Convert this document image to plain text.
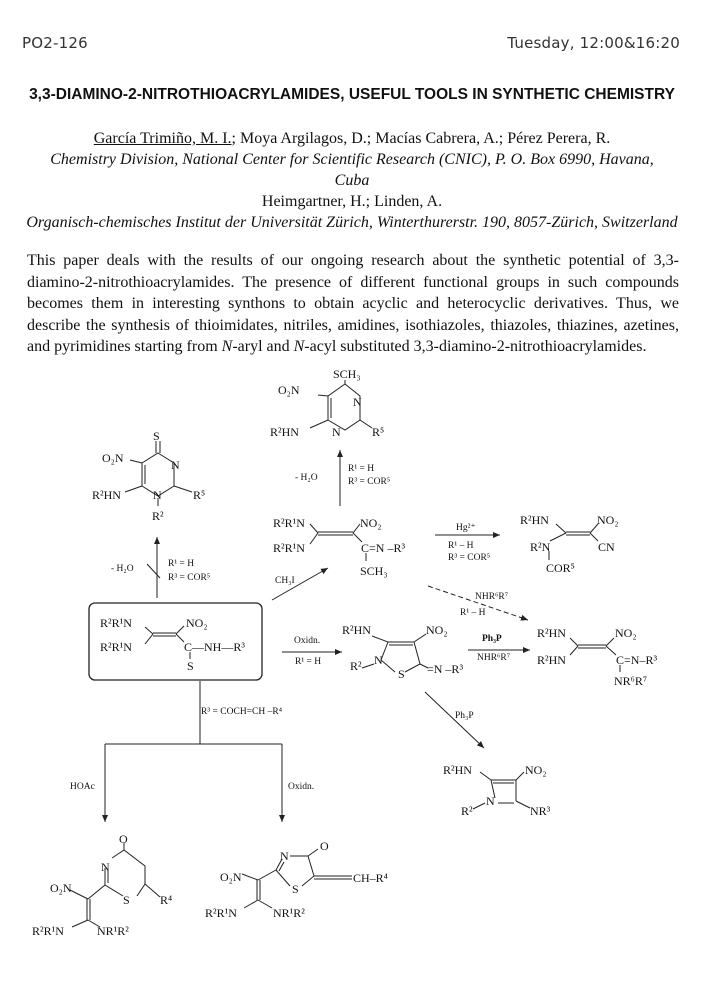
PO2-126	Tuesday, 12:00&16:20
3,3-DIAMINO-2-NITROTHIOACRYLAMIDES, USEFUL TOOLS IN SYNTHETIC CHEMISTRY
García Trimiño, M. I.; Moya Argilagos, D.; Macías Cabrera, A.; Pérez Perera, R.
Chemistry Division, National Center for Scientific Research (CNIC), P. O. Box 6990, Havana, Cuba
Heimgartner, H.; Linden, A.
Organisch-chemisches Institut der Universität Zürich, Winterthurerstr. 190, 8057-Zürich, Switzerland
This paper deals with the results of our ongoing research about the synthetic potential of 3,3-diamino-2-nitrothioacrylamides. The presence of different functional groups in such compounds becomes them in interesting synthons to obtain acyclic and heterocyclic derivatives. Thus, we describe the synthesis of thioimidates, nitriles, amidines, isothiazoles, thiazoles, thiazines, azetines, and pyrimidines starting from N-aryl and N-acyl substituted 3,3-diamino-2-nitrothioacrylamides.
SCH₃
O₂N
N
R²HN	N	R⁵
S
O₂N	N
R²HN	N	R⁵
R²
- H₂O
R¹ = H
R³ = COR⁵
- H₂O	R¹ = H
R³ = COR⁵
R²R¹N	NO₂
R²R¹N	C=N –R³
SCH₃
CH₃I
Hg²⁺
R¹ – H
R³ = COR⁵
R²HN	NO₂
R²N	CN
COR⁵
NHR⁶R⁷
R¹ – H
R²R¹N	NO₂
R²R¹N	C—NH—R³
S
Oxidn.
R¹ = H
R²HN	NO₂
R² N
S =N –R³
Ph₃P
NHR⁶R⁷
R²HN	NO₂
R²HN	C=N–R³
NR⁶R⁷
Ph₃P
R²HN	NO₂
N
R²	NR³
R³ = COCH=CH –R⁴
HOAc	Oxidn.
O
N
O₂N
S	R⁴
R²R¹N	NR¹R²
N
O
O₂N	CH–R⁴
S
R²R¹N	NR¹R²
